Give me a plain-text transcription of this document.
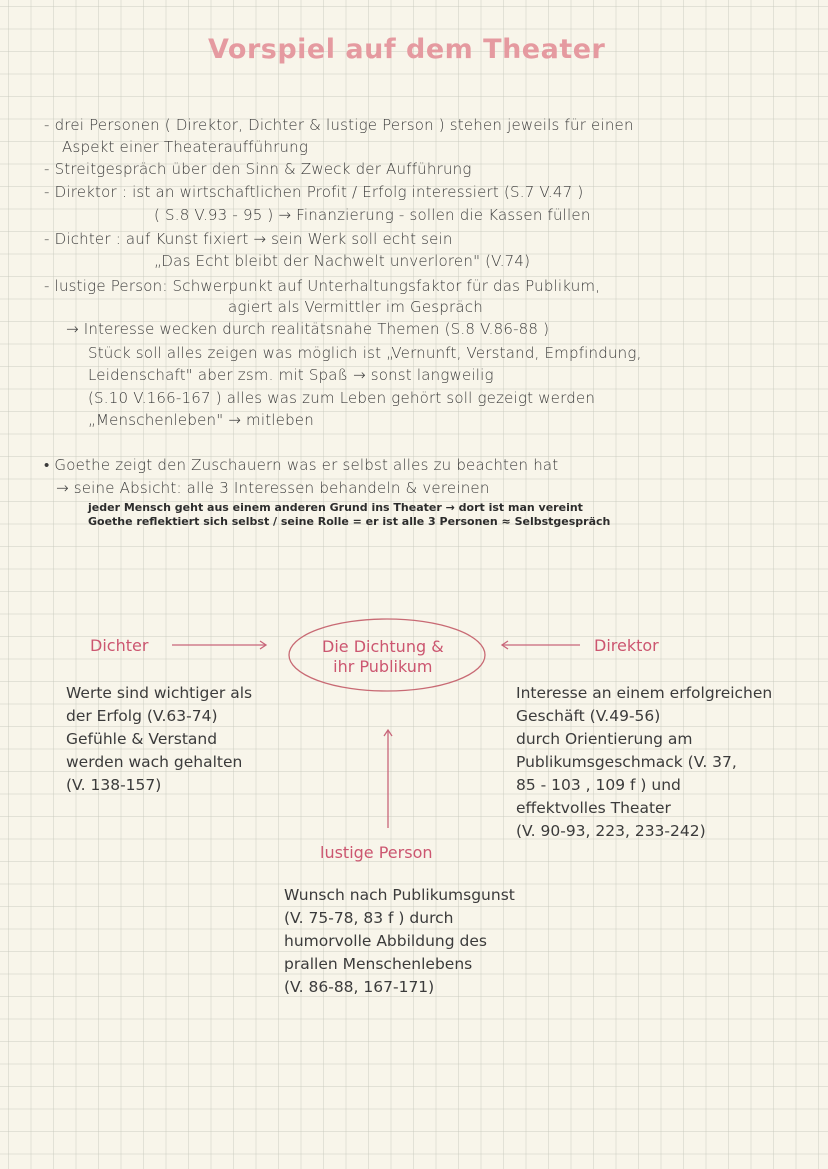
Vorspiel auf dem Theater
- drei Personen ( Direktor, Dichter & lustige Person ) stehen jeweils für einen
Aspekt einer Theateraufführung
- Streitgespräch über den Sinn & Zweck der Aufführung
- Direktor : ist an wirtschaftlichen Profit / Erfolg interessiert (S.7 V.47 )
( S.8 V.93 - 95 ) → Finanzierung - sollen die Kassen füllen
- Dichter : auf Kunst fixiert → sein Werk soll echt sein
„Das Echt bleibt der Nachwelt unverloren" (V.74)
- lustige Person: Schwerpunkt auf Unterhaltungsfaktor für das Publikum,
agiert als Vermittler im Gespräch
→ Interesse wecken durch realitätsnahe Themen (S.8 V.86-88 )
Stück soll alles zeigen was möglich ist „Vernunft, Verstand, Empfindung,
Leidenschaft" aber zsm. mit Spaß → sonst langweilig
(S.10 V.166-167 ) alles was zum Leben gehört soll gezeigt werden
„Menschenleben" → mitleben
• Goethe zeigt den Zuschauern was er selbst alles zu beachten hat
→ seine Absicht: alle 3 Interessen behandeln & vereinen
jeder Mensch geht aus einem anderen Grund ins Theater → dort ist man vereint
Goethe reflektiert sich selbst / seine Rolle = er ist alle 3 Personen ≈ Selbstgespräch
Die Dichtung &
ihr Publikum
Dichter	Direktor
lustige Person
Werte sind wichtiger als
der Erfolg (V.63-74)
Gefühle & Verstand
werden wach gehalten
(V. 138-157)
Interesse an einem erfolgreichen
Geschäft (V.49-56)
durch Orientierung am
Publikumsgeschmack (V. 37,
85 - 103 , 109 f ) und
effektvolles Theater
(V. 90-93, 223, 233-242)
Wunsch nach Publikumsgunst
(V. 75-78, 83 f ) durch
humorvolle Abbildung des
prallen Menschenlebens
(V. 86-88, 167-171)
